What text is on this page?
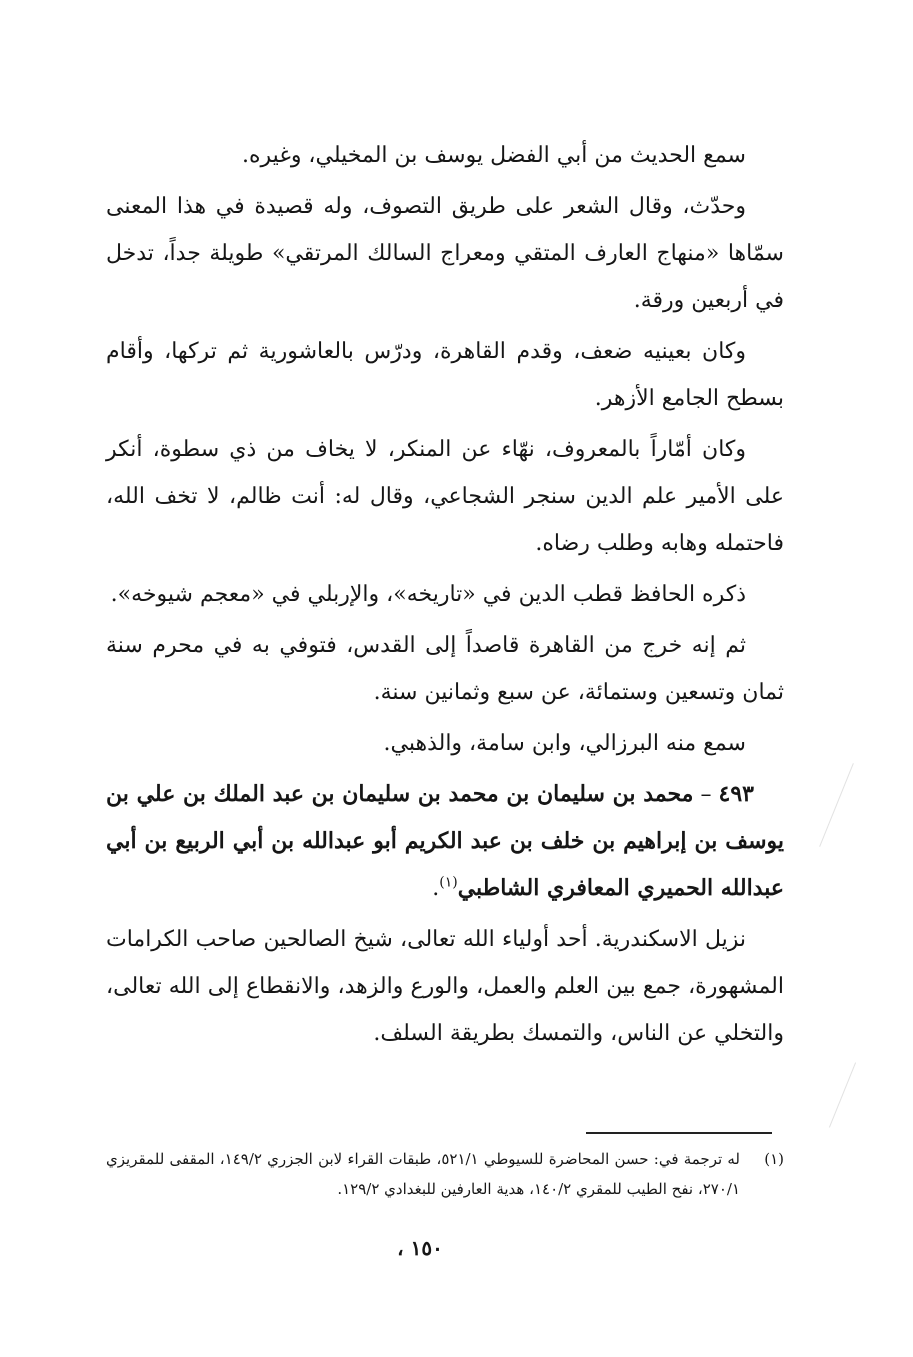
سمع الحديث من أبي الفضل يوسف بن المخيلي، وغيره.

وحدّث، وقال الشعر على طريق التصوف، وله قصيدة في هذا المعنى سمّاها «منهاج العارف المتقي ومعراج السالك المرتقي» طويلة جداً، تدخل في أربعين ورقة.

وكان بعينيه ضعف، وقدم القاهرة، ودرّس بالعاشورية ثم تركها، وأقام بسطح الجامع الأزهر.

وكان أمّاراً بالمعروف، نهّاء عن المنكر، لا يخاف من ذي سطوة، أنكر على الأمير علم الدين سنجر الشجاعي، وقال له: أنت ظالم، لا تخف الله، فاحتمله وهابه وطلب رضاه.

ذكره الحافظ قطب الدين في «تاريخه»، والإربلي في «معجم شيوخه».

ثم إنه خرج من القاهرة قاصداً إلى القدس، فتوفي به في محرم سنة ثمان وتسعين وستمائة، عن سبع وثمانين سنة.

سمع منه البرزالي، وابن سامة، والذهبي.

٤٩٣ – محمد بن سليمان بن محمد بن سليمان بن عبد الملك بن علي بن يوسف بن إبراهيم بن خلف بن عبد الكريم أبو عبدالله بن أبي الربيع بن أبي عبدالله الحميري المعافري الشاطبي$^{(١)}$.

نزيل الاسكندرية. أحد أولياء الله تعالى، شيخ الصالحين صاحب الكرامات المشهورة، جمع بين العلم والعمل، والورع والزهد، والانقطاع إلى الله تعالى، والتخلي عن الناس، والتمسك بطريقة السلف.

(١)
له ترجمة في: حسن المحاضرة للسيوطي ٥٢١/١، طبقات القراء لابن الجزري ١٤٩/٢، المقفى للمقريزي ٢٧٠/١، نفح الطيب للمقري ١٤٠/٢، هدية العارفين للبغدادي ١٢٩/٢.
١٥٠ ،
